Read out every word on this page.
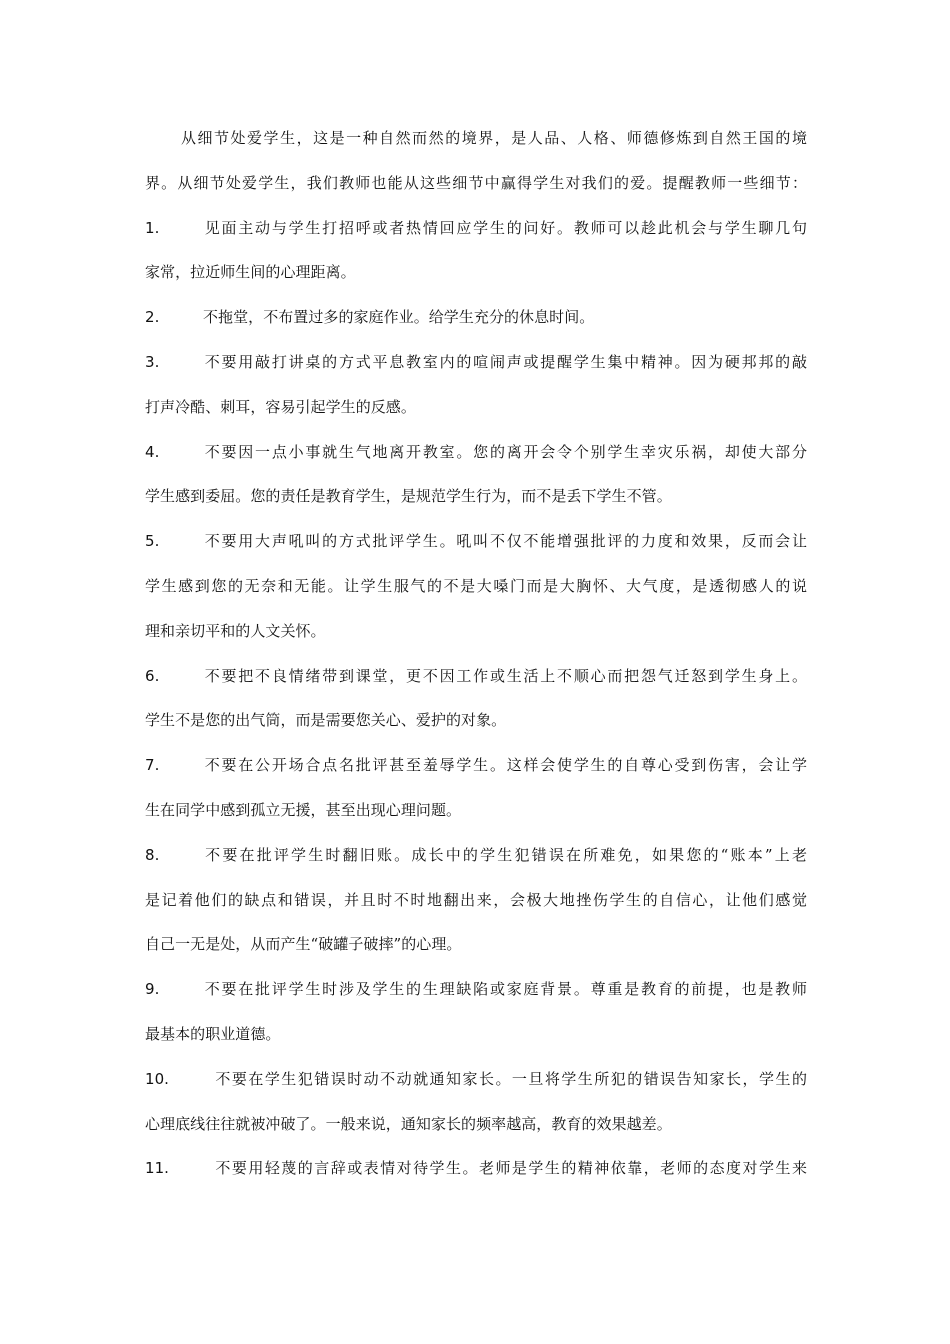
从细节处爱学生，这是一种自然而然的境界，是人品、人格、师德修炼到自然王国的境
界。从细节处爱学生，我们教师也能从这些细节中赢得学生对我们的爱。提醒教师一些细节：
1.	见面主动与学生打招呼或者热情回应学生的问好。教师可以趁此机会与学生聊几句
家常，拉近师生间的心理距离。
2.	不拖堂，不布置过多的家庭作业。给学生充分的休息时间。
3.	不要用敲打讲桌的方式平息教室内的喧闹声或提醒学生集中精神。因为硬邦邦的敲
打声冷酷、刺耳，容易引起学生的反感。
4.	不要因一点小事就生气地离开教室。您的离开会令个别学生幸灾乐祸，却使大部分
学生感到委屈。您的责任是教育学生，是规范学生行为，而不是丢下学生不管。
5.	不要用大声吼叫的方式批评学生。吼叫不仅不能增强批评的力度和效果，反而会让
学生感到您的无奈和无能。让学生服气的不是大嗓门而是大胸怀、大气度，是透彻感人的说
理和亲切平和的人文关怀。
6.	不要把不良情绪带到课堂，更不因工作或生活上不顺心而把怨气迁怒到学生身上。
学生不是您的出气筒，而是需要您关心、爱护的对象。
7.	不要在公开场合点名批评甚至羞辱学生。这样会使学生的自尊心受到伤害，会让学
生在同学中感到孤立无援，甚至出现心理问题。
8.	不要在批评学生时翻旧账。成长中的学生犯错误在所难免，如果您的“账本”上老
是记着他们的缺点和错误，并且时不时地翻出来，会极大地挫伤学生的自信心，让他们感觉
自己一无是处，从而产生“破罐子破摔”的心理。
9.	不要在批评学生时涉及学生的生理缺陷或家庭背景。尊重是教育的前提，也是教师
最基本的职业道德。
10.	不要在学生犯错误时动不动就通知家长。一旦将学生所犯的错误告知家长，学生的
心理底线往往就被冲破了。一般来说，通知家长的频率越高，教育的效果越差。
11.	不要用轻蔑的言辞或表情对待学生。老师是学生的精神依靠，老师的态度对学生来
